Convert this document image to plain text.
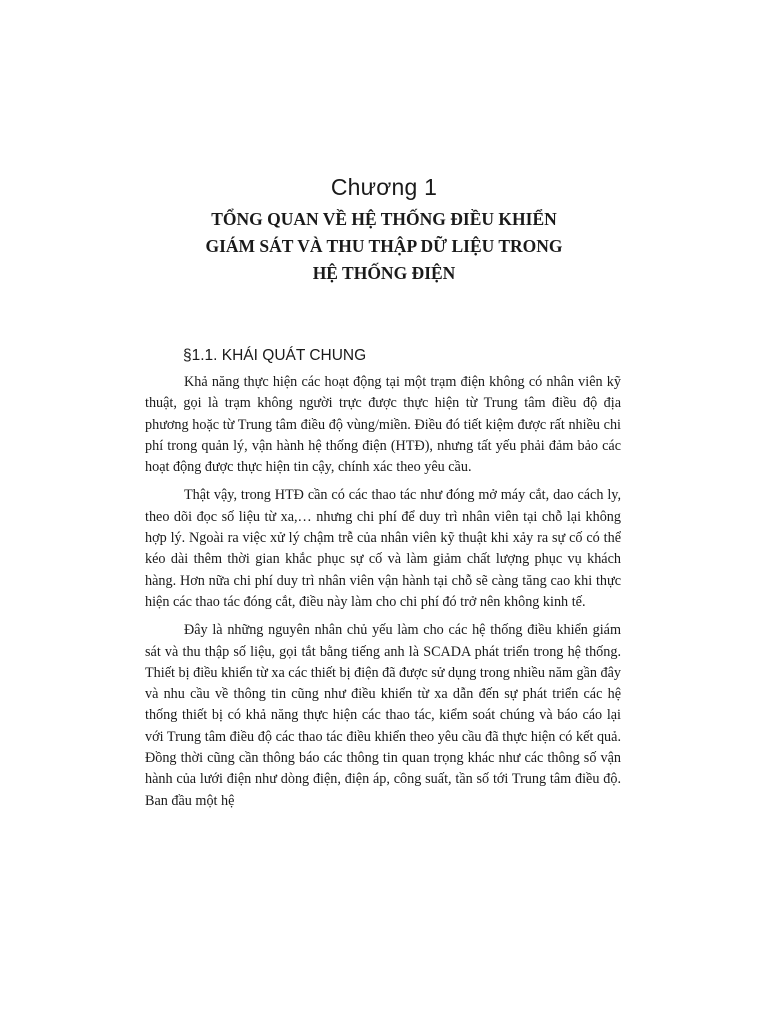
Chương 1
TỔNG QUAN VỀ HỆ THỐNG ĐIỀU KHIỂN
GIÁM SÁT VÀ THU THẬP DỮ LIỆU TRONG
HỆ THỐNG ĐIỆN
§1.1. KHÁI QUÁT CHUNG

Khả năng thực hiện các hoạt động tại một trạm điện không có nhân viên kỹ thuật, gọi là trạm không người trực được thực hiện từ Trung tâm điều độ địa phương hoặc từ Trung tâm điều độ vùng/miền. Điều đó tiết kiệm được rất nhiều chi phí trong quản lý, vận hành hệ thống điện (HTĐ), nhưng tất yếu phải đảm bảo các hoạt động được thực hiện tin cậy, chính xác theo yêu cầu.

Thật vậy, trong HTĐ cần có các thao tác như đóng mở máy cắt, dao cách ly, theo dõi đọc số liệu từ xa,… nhưng chi phí để duy trì nhân viên tại chỗ lại không hợp lý. Ngoài ra việc xử lý chậm trễ của nhân viên kỹ thuật khi xảy ra sự cố có thể kéo dài thêm thời gian khắc phục sự cố và làm giảm chất lượng phục vụ khách hàng. Hơn nữa chi phí duy trì nhân viên vận hành tại chỗ sẽ càng tăng cao khi thực hiện các thao tác đóng cắt, điều này làm cho chi phí đó trở nên không kinh tế.

Đây là những nguyên nhân chủ yếu làm cho các hệ thống điều khiển giám sát và thu thập số liệu, gọi tắt bằng tiếng anh là SCADA phát triển trong hệ thống. Thiết bị điều khiển từ xa các thiết bị điện đã được sử dụng trong nhiều năm gần đây và nhu cầu về thông tin cũng như điều khiển từ xa dẫn đến sự phát triển các hệ thống thiết bị có khả năng thực hiện các thao tác, kiểm soát chúng và báo cáo lại với Trung tâm điều độ các thao tác điều khiển theo yêu cầu đã thực hiện có kết quả. Đồng thời cũng cần thông báo các thông tin quan trọng khác như các thông số vận hành của lưới điện như dòng điện, điện áp, công suất, tần số tới Trung tâm điều độ. Ban đầu một hệ
